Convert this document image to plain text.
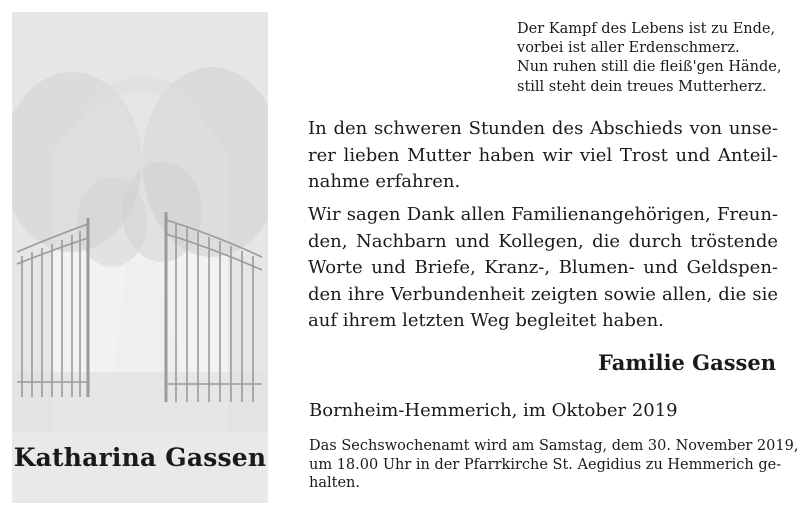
Katharina Gassen
Der Kampf des Lebens ist zu Ende,
vorbei ist aller Erdenschmerz.
Nun ruhen still die fleiß'gen Hände,
still steht dein treues Mutterherz.
In den schweren Stunden des Abschieds von unse-
rer lieben Mutter haben wir viel Trost und Anteil-
nahme erfahren.
Wir sagen Dank allen Familienangehörigen, Freun-
den, Nachbarn und Kollegen, die durch tröstende
Worte und Briefe, Kranz-, Blumen- und Geldspen-
den ihre Verbundenheit zeigten sowie allen, die sie
auf ihrem letzten Weg begleitet haben.
Familie Gassen
Bornheim-Hemmerich, im Oktober 2019
Das Sechswochenamt wird am Samstag, dem 30. November 2019,
um 18.00 Uhr in der Pfarrkirche St. Aegidius zu Hemmerich ge-
halten.
